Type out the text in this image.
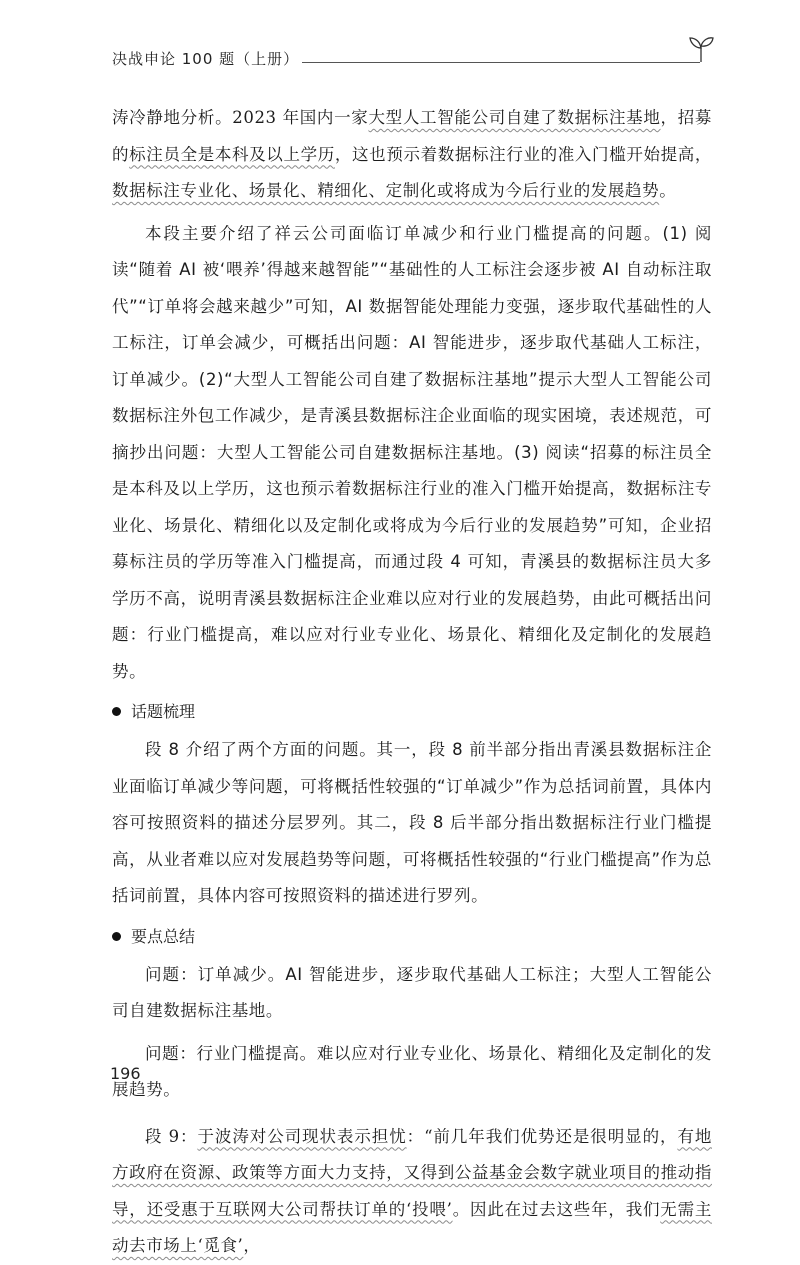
决战申论 100 题（上册）

涛冷静地分析。2023 年国内一家大型人工智能公司自建了数据标注基地，招募的标注员全是本科及以上学历，这也预示着数据标注行业的准入门槛开始提高，数据标注专业化、场景化、精细化、定制化或将成为今后行业的发展趋势。

本段主要介绍了祥云公司面临订单减少和行业门槛提高的问题。(1) 阅读“随着 AI 被‘喂养’得越来越智能”“基础性的人工标注会逐步被 AI 自动标注取代”“订单将会越来越少”可知，AI 数据智能处理能力变强，逐步取代基础性的人工标注，订单会减少，可概括出问题：AI 智能进步，逐步取代基础人工标注，订单减少。(2)“大型人工智能公司自建了数据标注基地”提示大型人工智能公司数据标注外包工作减少，是青溪县数据标注企业面临的现实困境，表述规范，可摘抄出问题：大型人工智能公司自建数据标注基地。(3) 阅读“招募的标注员全是本科及以上学历，这也预示着数据标注行业的准入门槛开始提高，数据标注专业化、场景化、精细化以及定制化或将成为今后行业的发展趋势”可知，企业招募标注员的学历等准入门槛提高，而通过段 4 可知，青溪县的数据标注员大多学历不高，说明青溪县数据标注企业难以应对行业的发展趋势，由此可概括出问题：行业门槛提高，难以应对行业专业化、场景化、精细化及定制化的发展趋势。

话题梳理

段 8 介绍了两个方面的问题。其一，段 8 前半部分指出青溪县数据标注企业面临订单减少等问题，可将概括性较强的“订单减少”作为总括词前置，具体内容可按照资料的描述分层罗列。其二，段 8 后半部分指出数据标注行业门槛提高，从业者难以应对发展趋势等问题，可将概括性较强的“行业门槛提高”作为总括词前置，具体内容可按照资料的描述进行罗列。

要点总结

问题：订单减少。AI 智能进步，逐步取代基础人工标注；大型人工智能公司自建数据标注基地。

问题：行业门槛提高。难以应对行业专业化、场景化、精细化及定制化的发展趋势。

段 9：于波涛对公司现状表示担忧：“前几年我们优势还是很明显的，有地方政府在资源、政策等方面大力支持，又得到公益基金会数字就业项目的推动指导，还受惠于互联网大公司帮扶订单的‘投喂’。因此在过去这些年，我们无需主动去市场上‘觅食’，

196
